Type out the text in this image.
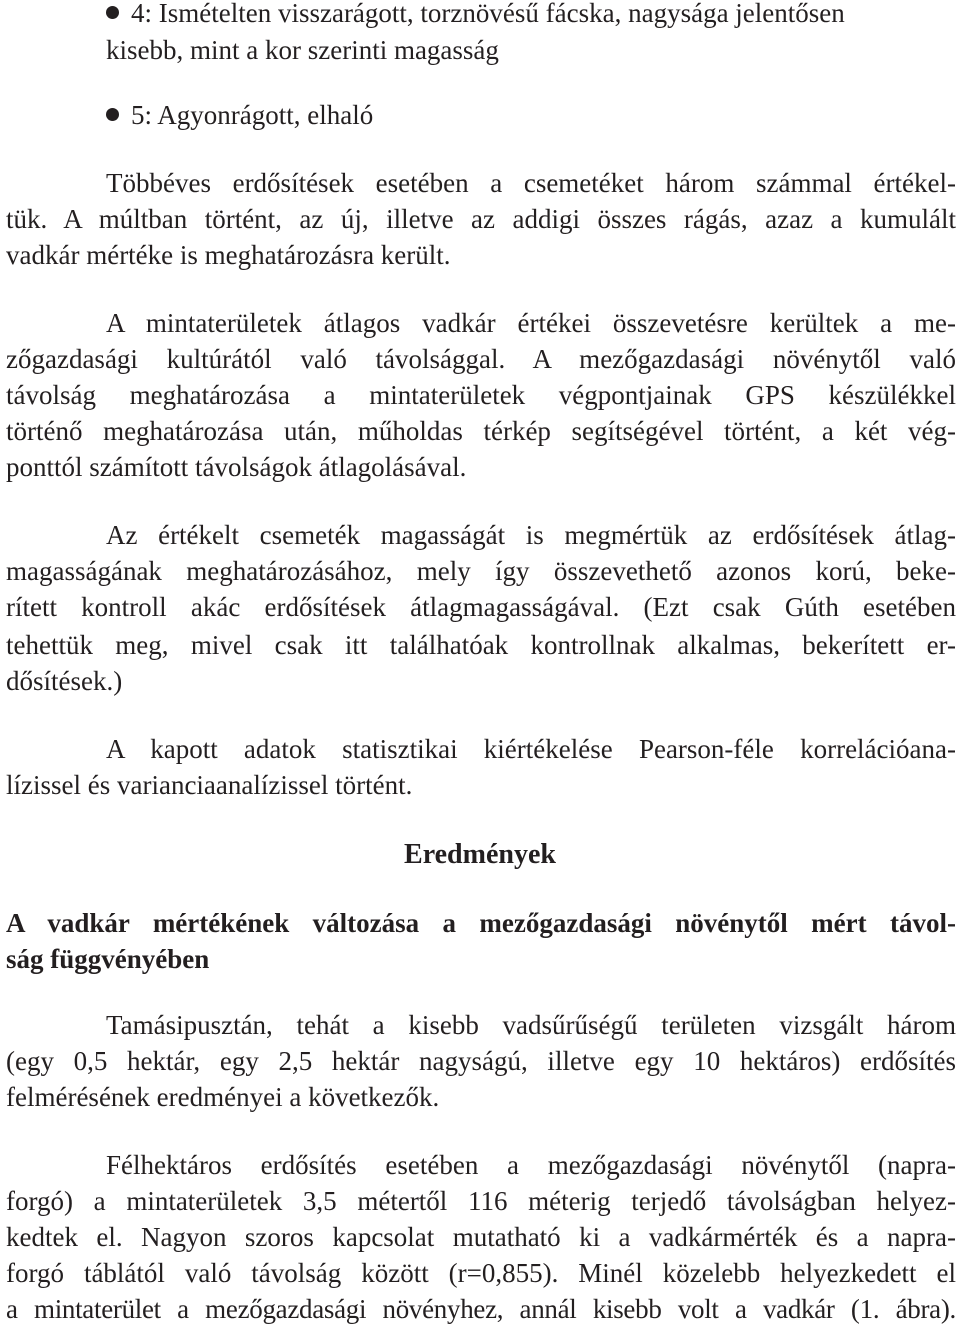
4: Ismételten visszarágott, torznövésű fácska, nagysága jelentősen
kisebb, mint a kor szerinti magasság
5: Agyonrágott, elhaló
Többéves erdősítések esetében a csemetéket három számmal értékel-
tük. A múltban történt, az új, illetve az addigi összes rágás, azaz a kumulált
vadkár mértéke is meghatározásra került.
A mintaterületek átlagos vadkár értékei összevetésre kerültek a me-
zőgazdasági kultúrától való távolsággal. A mezőgazdasági növénytől való
távolság meghatározása a mintaterületek végpontjainak GPS készülékkel
történő meghatározása után, műholdas térkép segítségével történt, a két vég-
ponttól számított távolságok átlagolásával.
Az értékelt csemeték magasságát is megmértük az erdősítések átlag-
magasságának meghatározásához, mely így összevethető azonos korú, beke-
rített kontroll akác erdősítések átlagmagasságával. (Ezt csak Gúth esetében
tehettük meg, mivel csak itt találhatóak kontrollnak alkalmas, bekerített er-
dősítések.)
A kapott adatok statisztikai kiértékelése Pearson-féle korrelációana-
lízissel és varianciaanalízissel történt.
Eredmények
A vadkár mértékének változása a mezőgazdasági növénytől mért távol-
ság függvényében
Tamásipusztán, tehát a kisebb vadsűrűségű területen vizsgált három
(egy 0,5 hektár, egy 2,5 hektár nagyságú, illetve egy 10 hektáros) erdősítés
felmérésének eredményei a következők.
Félhektáros erdősítés esetében a mezőgazdasági növénytől (napra-
forgó) a mintaterületek 3,5 métertől 116 méterig terjedő távolságban helyez-
kedtek el. Nagyon szoros kapcsolat mutatható ki a vadkármérték és a napra-
forgó táblától való távolság között (r=0,855). Minél közelebb helyezkedett el
a mintaterület a mezőgazdasági növényhez, annál kisebb volt a vadkár (1. ábra).
